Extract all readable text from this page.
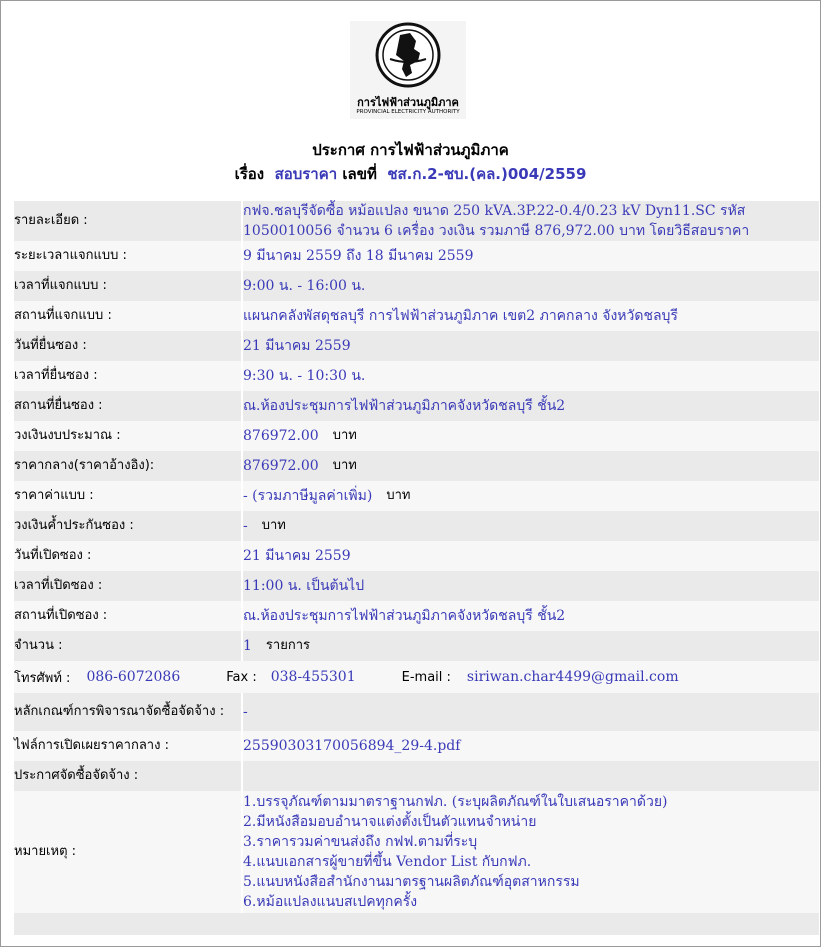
การไฟฟ้าส่วนภูมิภาค
PROVINCIAL ELECTRICITY AUTHORITY
ประกาศ การไฟฟ้าส่วนภูมิภาค
เรื่อง สอบราคา เลขที่ ชส.ก.2-ชบ.(คล.)004/2559
รายละเอียด :
กฟจ.ชลบุรีจัดซื้อ หม้อแปลง ขนาด 250 kVA.3P.22-0.4/0.23 kV Dyn11.SC รหัส 1050010056 จำนวน 6 เครื่อง วงเงิน รวมภาษี 876,972.00 บาท โดยวิธีสอบราคา
ระยะเวลาแจกแบบ :	9 มีนาคม 2559 ถึง 18 มีนาคม 2559
เวลาที่แจกแบบ :	9:00 น. - 16:00 น.
สถานที่แจกแบบ :	แผนกคลังพัสดุชลบุรี การไฟฟ้าส่วนภูมิภาค เขต2 ภาคกลาง จังหวัดชลบุรี
วันที่ยื่นซอง :	21 มีนาคม 2559
เวลาที่ยื่นซอง :	9:30 น. - 10:30 น.
สถานที่ยื่นซอง :	ณ.ห้องประชุมการไฟฟ้าส่วนภูมิภาคจังหวัดชลบุรี ชั้น2
วงเงินงบประมาณ :	876972.00 บาท
ราคากลาง(ราคาอ้างอิง):	876972.00 บาท
ราคาค่าแบบ :	- (รวมภาษีมูลค่าเพิ่ม) บาท
วงเงินค้ำประกันซอง :	- บาท
วันที่เปิดซอง :	21 มีนาคม 2559
เวลาที่เปิดซอง :	11:00 น. เป็นต้นไป
สถานที่เปิดซอง :	ณ.ห้องประชุมการไฟฟ้าส่วนภูมิภาคจังหวัดชลบุรี ชั้น2
จำนวน :	1 รายการ
โทรศัพท์ : 086-6072086	Fax : 038-455301	E-mail : siriwan.char4499@gmail.com
หลักเกณฑ์การพิจารณาจัดซื้อจัดจ้าง :	-
ไฟล์การเปิดเผยราคากลาง :	25590303170056894_29-4.pdf
ประกาศจัดซื้อจัดจ้าง :
หมายเหตุ :
1.บรรจุภัณฑ์ตามมาตราฐานกฟภ. (ระบุผลิตภัณฑ์ในใบเสนอราคาด้วย)
2.มีหนังสือมอบอำนาจแต่งตั้งเป็นตัวแทนจำหน่าย
3.ราคารวมค่าขนส่งถึง กฟฟ.ตามที่ระบุ
4.แนบเอกสารผู้ขายที่ขึ้น Vendor List กับกฟภ.
5.แนบหนังสือสำนักงานมาตรฐานผลิตภัณฑ์อุตสาหกรรม
6.หม้อแปลงแนบสเปคทุกครั้ง
